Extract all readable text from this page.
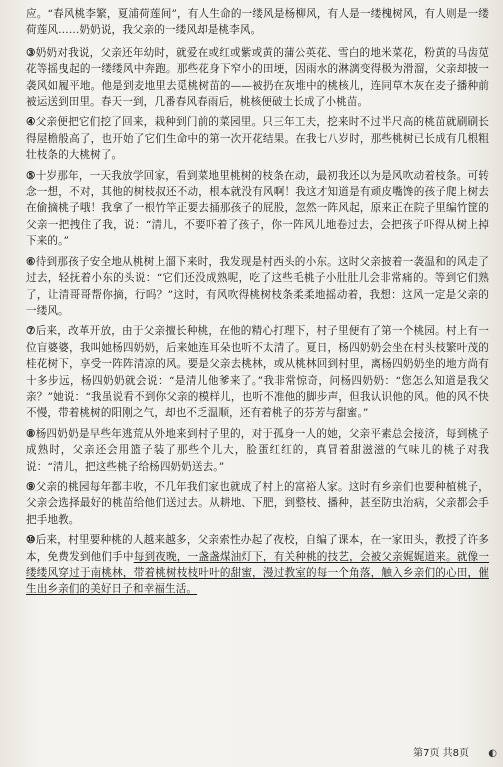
应。“春风桃李繁，夏浦荷莲间”，有人生命的一缕风是杨柳风，有人是一缕槐树风，有人则是一缕荷莲风……奶奶说，我父亲的一缕风却是桃李风。

③奶奶对我说，父亲还年幼时，就爱在或红或紫或黄的蒲公英花、雪白的地米菜花，粉黄的马齿苋花等摇曳起的一缕缕风中奔跑。那些花身下窄小的田埂，因雨水的淋漓变得极为滑溜，父亲却披一袭风如履平地。他是到麦地里去觅桃树苗的——被扔在灰堆中的桃核儿，连同草木灰在麦子播种前被运送到田里。春天一到，几番春风春雨后，桃核便破土长成了小桃苗。

④父亲便把它们挖了回来，栽种到门前的菜园里。只三年工夫，挖来时不过半尺高的桃苗就刷刷长得屋檐般高了，也开始了它们生命中的第一次开花结果。在我七八岁时，那些桃树已长成有几根粗壮枝条的大桃树了。

⑤十岁那年，一天我放学回家，看到菜地里桃树的枝条在动，最初我还以为是风吹动着枝条。可转念一想，不对，其他的树枝叔还不动，根本就没有风啊！我这才知道是有顽皮嘴馋的孩子爬上树去在偷摘桃子哦！我拿了一根竹竿正要去捅那孩子的屁股，忽然一阵风起，原来正在院子里编竹筐的父亲一把拽住了我，说：“清儿，不要吓着了孩子，你一阵风儿地卷过去，会把孩子吓得从树上掉下来的。”

⑥待到那孩子安全地从桃树上溜下来时，我发现是村西头的小东。这时父亲披着一袭温和的风走了过去，轻抚着小东的头说：“它们还没成熟呢，吃了这些毛桃子小肚肚儿会非常痛的。等到它们熟了，让清哥哥帮你摘，行吗？”这时，有风吹得桃树枝条柔柔地摇动着，我想：这风一定是父亲的一缕风。

⑦后来，改革开放，由于父亲擅长种桃，在他的精心打理下，村子里便有了第一个桃园。村上有一位盲婆婆，我叫她杨四奶奶，后来她连耳朵也听不太清了。夏日，杨四奶奶会坐在村头枝繁叶茂的桂花树下，享受一阵阵清凉的风。要是父亲去桃林，或从桃林回到村里，离杨四奶奶坐的地方尚有十多步远，杨四奶奶就会说：“是清儿他爹来了。”我非常惊奇，问杨四奶奶：“您怎么知道是我父亲？”她说：“我虽说看不到你父亲的模样儿，也听不准他的脚步声，但我认识他的风。他的风不快不慢，带着桃树的阳刚之气，却也不乏温顺，还有着桃子的芬芳与甜蜜。”

⑧杨四奶奶是早些年逃荒从外地来到村子里的，对于孤身一人的她，父亲平素总会接济，每到桃子成熟时，父亲还会用篮子装了那些个儿大，脸蛋红红的，真冒着甜滋滋的气味儿的桃子对我说：“清儿，把这些桃子给杨四奶奶送去。”

⑨父亲的桃园每年都丰收，不几年我们家也就成了村上的富裕人家。这时有乡亲们也要种植桃子，父亲会选择最好的桃苗给他们送过去。从耕地、下肥，到整枝、播种，甚至防虫治病，父亲都会手把手地教。

⑩后来，村里要种桃的人越来越多，父亲索性办起了夜校，自编了课本，在一家田头，教授了许多本，免费发到他们手中每到夜晚，一盏盏煤油灯下，有关种桃的技艺，会被父亲娓娓道来。就像一缕缕风穿过于南桃林，带着桃树枝枝叶叶的甜蜜，漫过教室的每一个角落，触入乡亲们的心田，催生出乡亲们的美好日子和幸福生活。

第7页 共8页 ◐
